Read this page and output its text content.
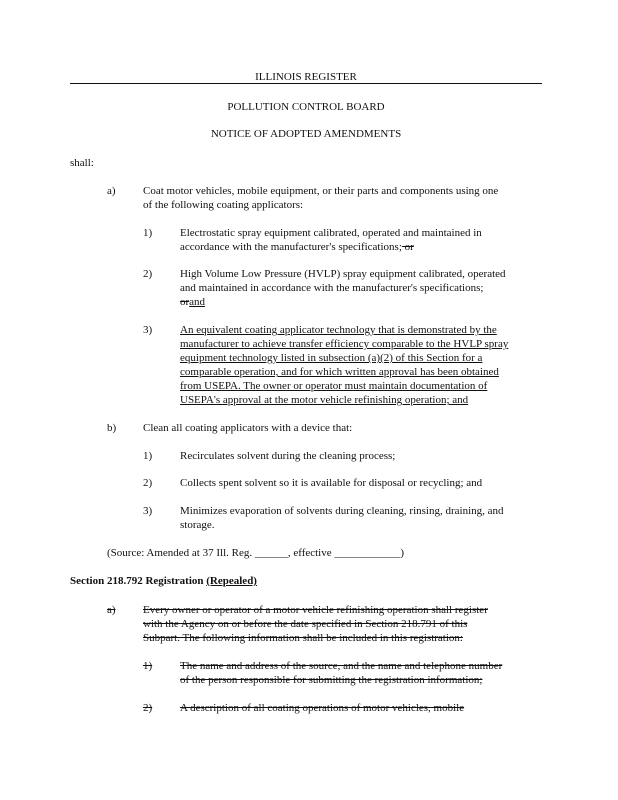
ILLINOIS REGISTER
POLLUTION CONTROL BOARD
NOTICE OF ADOPTED AMENDMENTS
shall:
a) Coat motor vehicles, mobile equipment, or their parts and components using one
of the following coating applicators:
1)	Electrostatic spray equipment calibrated, operated and maintained in
accordance with the manufacturer's specifications; or
2)	High Volume Low Pressure (HVLP) spray equipment calibrated, operated
and maintained in accordance with the manufacturer's specifications;
orand
3)	An equivalent coating applicator technology that is demonstrated by the
manufacturer to achieve transfer efficiency comparable to the HVLP spray
equipment technology listed in subsection (a)(2) of this Section for a
comparable operation, and for which written approval has been obtained
from USEPA. The owner or operator must maintain documentation of
USEPA's approval at the motor vehicle refinishing operation; and
b) Clean all coating applicators with a device that:
1)	Recirculates solvent during the cleaning process;
2)	Collects spent solvent so it is available for disposal or recycling; and
3)	Minimizes evaporation of solvents during cleaning, rinsing, draining, and
storage.
(Source: Amended at 37 Ill. Reg. ______, effective ____________)
Section 218.792 Registration (Repealed)
a) Every owner or operator of a motor vehicle refinishing operation shall register
with the Agency on or before the date specified in Section 218.791 of this
Subpart. The following information shall be included in this registration:
1)	The name and address of the source, and the name and telephone number
of the person responsible for submitting the registration information;
2)	A description of all coating operations of motor vehicles, mobile
